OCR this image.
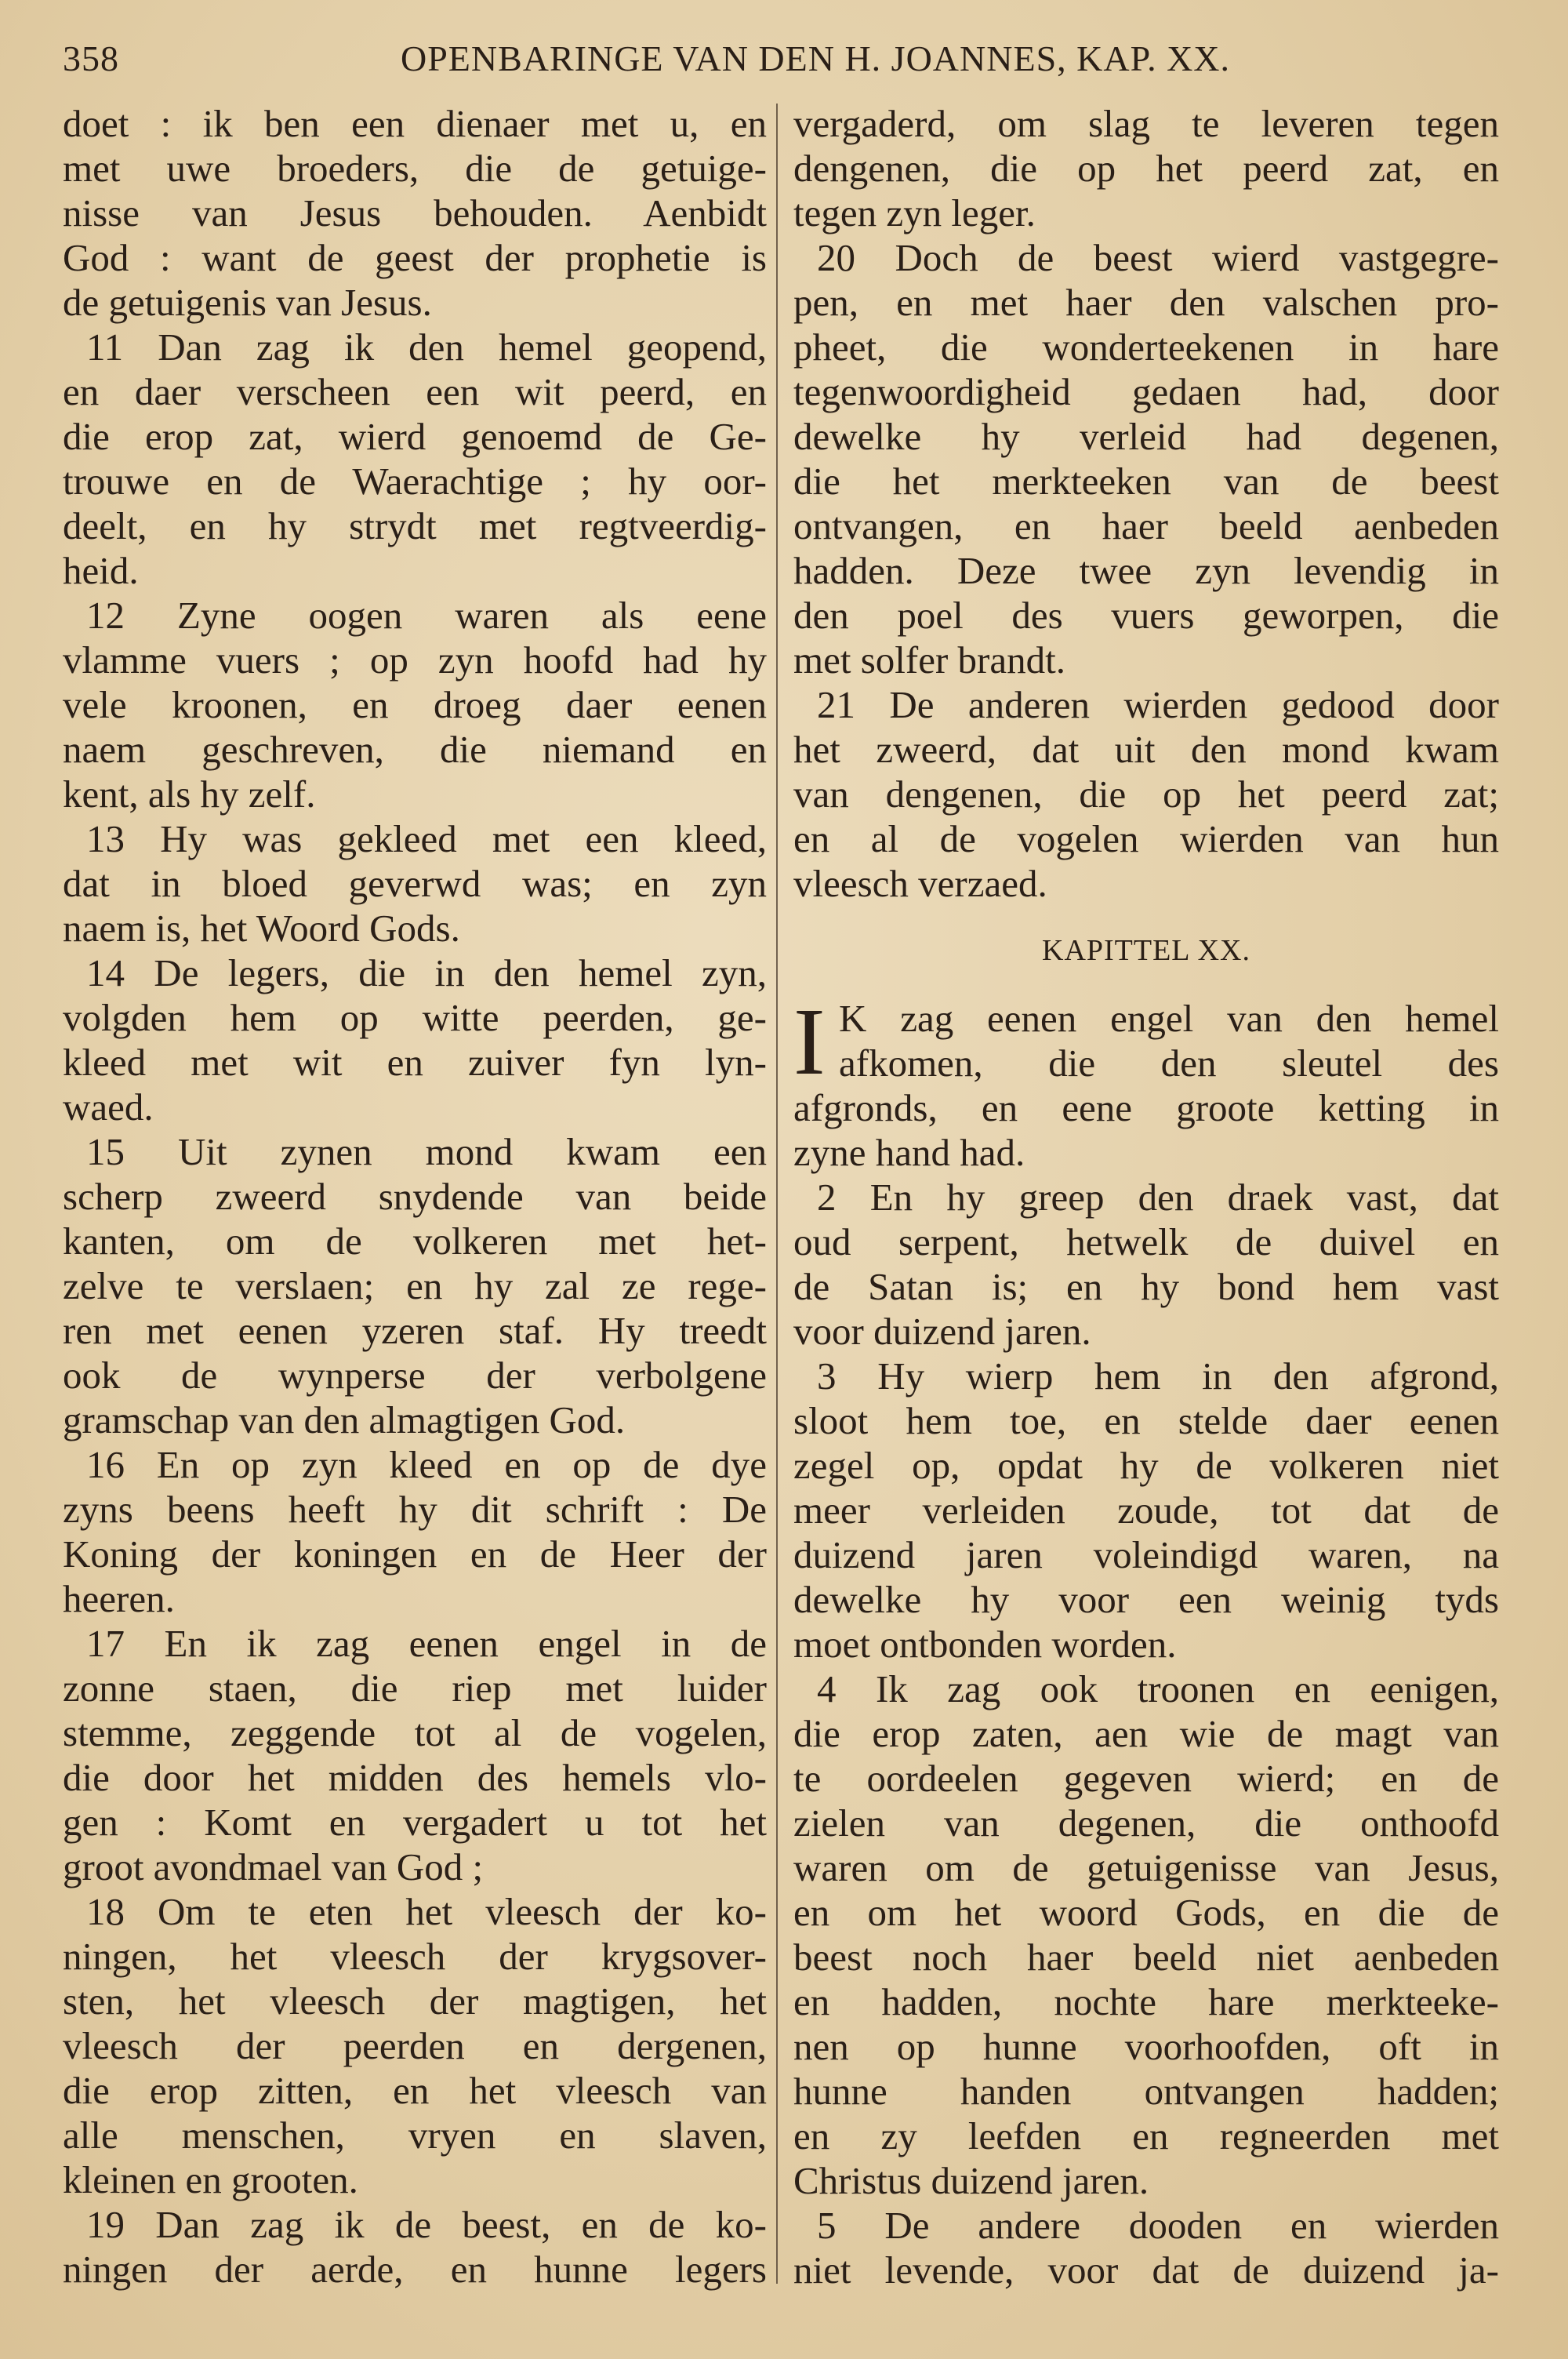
358	OPENBARINGE VAN DEN H. JOANNES, KAP. XX.
doet : ik ben een dienaer met u, en
met uwe broeders, die de getuige-
nisse van Jesus behouden. Aenbidt
God : want de geest der prophetie is
de getuigenis van Jesus.
11 Dan zag ik den hemel geopend,
en daer verscheen een wit peerd, en
die erop zat, wierd genoemd de Ge-
trouwe en de Waerachtige ; hy oor-
deelt, en hy strydt met regtveerdig-
heid.
12 Zyne oogen waren als eene
vlamme vuers ; op zyn hoofd had hy
vele kroonen, en droeg daer eenen
naem geschreven, die niemand en
kent, als hy zelf.
13 Hy was gekleed met een kleed,
dat in bloed geverwd was; en zyn
naem is, het Woord Gods.
14 De legers, die in den hemel zyn,
volgden hem op witte peerden, ge-
kleed met wit en zuiver fyn lyn-
waed.
15 Uit zynen mond kwam een
scherp zweerd snydende van beide
kanten, om de volkeren met het-
zelve te verslaen; en hy zal ze rege-
ren met eenen yzeren staf. Hy treedt
ook de wynperse der verbolgene
gramschap van den almagtigen God.
16 En op zyn kleed en op de dye
zyns beens heeft hy dit schrift : De
Koning der koningen en de Heer der
heeren.
17 En ik zag eenen engel in de
zonne staen, die riep met luider
stemme, zeggende tot al de vogelen,
die door het midden des hemels vlo-
gen : Komt en vergadert u tot het
groot avondmael van God ;
18 Om te eten het vleesch der ko-
ningen, het vleesch der krygsover-
sten, het vleesch der magtigen, het
vleesch der peerden en dergenen,
die erop zitten, en het vleesch van
alle menschen, vryen en slaven,
kleinen en grooten.
19 Dan zag ik de beest, en de ko-
ningen der aerde, en hunne legers
vergaderd, om slag te leveren tegen
dengenen, die op het peerd zat, en
tegen zyn leger.
20 Doch de beest wierd vastgegre-
pen, en met haer den valschen pro-
pheet, die wonderteekenen in hare
tegenwoordigheid gedaen had, door
dewelke hy verleid had degenen,
die het merkteeken van de beest
ontvangen, en haer beeld aenbeden
hadden. Deze twee zyn levendig in
den poel des vuers geworpen, die
met solfer brandt.
21 De anderen wierden gedood door
het zweerd, dat uit den mond kwam
van dengenen, die op het peerd zat;
en al de vogelen wierden van hun
vleesch verzaed.
KAPITTEL XX.
I K zag eenen engel van den hemel
afkomen, die den sleutel des
afgronds, en eene groote ketting in
zyne hand had.
2 En hy greep den draek vast, dat
oud serpent, hetwelk de duivel en
de Satan is; en hy bond hem vast
voor duizend jaren.
3 Hy wierp hem in den afgrond,
sloot hem toe, en stelde daer eenen
zegel op, opdat hy de volkeren niet
meer verleiden zoude, tot dat de
duizend jaren voleindigd waren, na
dewelke hy voor een weinig tyds
moet ontbonden worden.
4 Ik zag ook troonen en eenigen,
die erop zaten, aen wie de magt van
te oordeelen gegeven wierd; en de
zielen van degenen, die onthoofd
waren om de getuigenisse van Jesus,
en om het woord Gods, en die de
beest noch haer beeld niet aenbeden
en hadden, nochte hare merkteeke-
nen op hunne voorhoofden, oft in
hunne handen ontvangen hadden;
en zy leefden en regneerden met
Christus duizend jaren.
5 De andere dooden en wierden
niet levende, voor dat de duizend ja-
